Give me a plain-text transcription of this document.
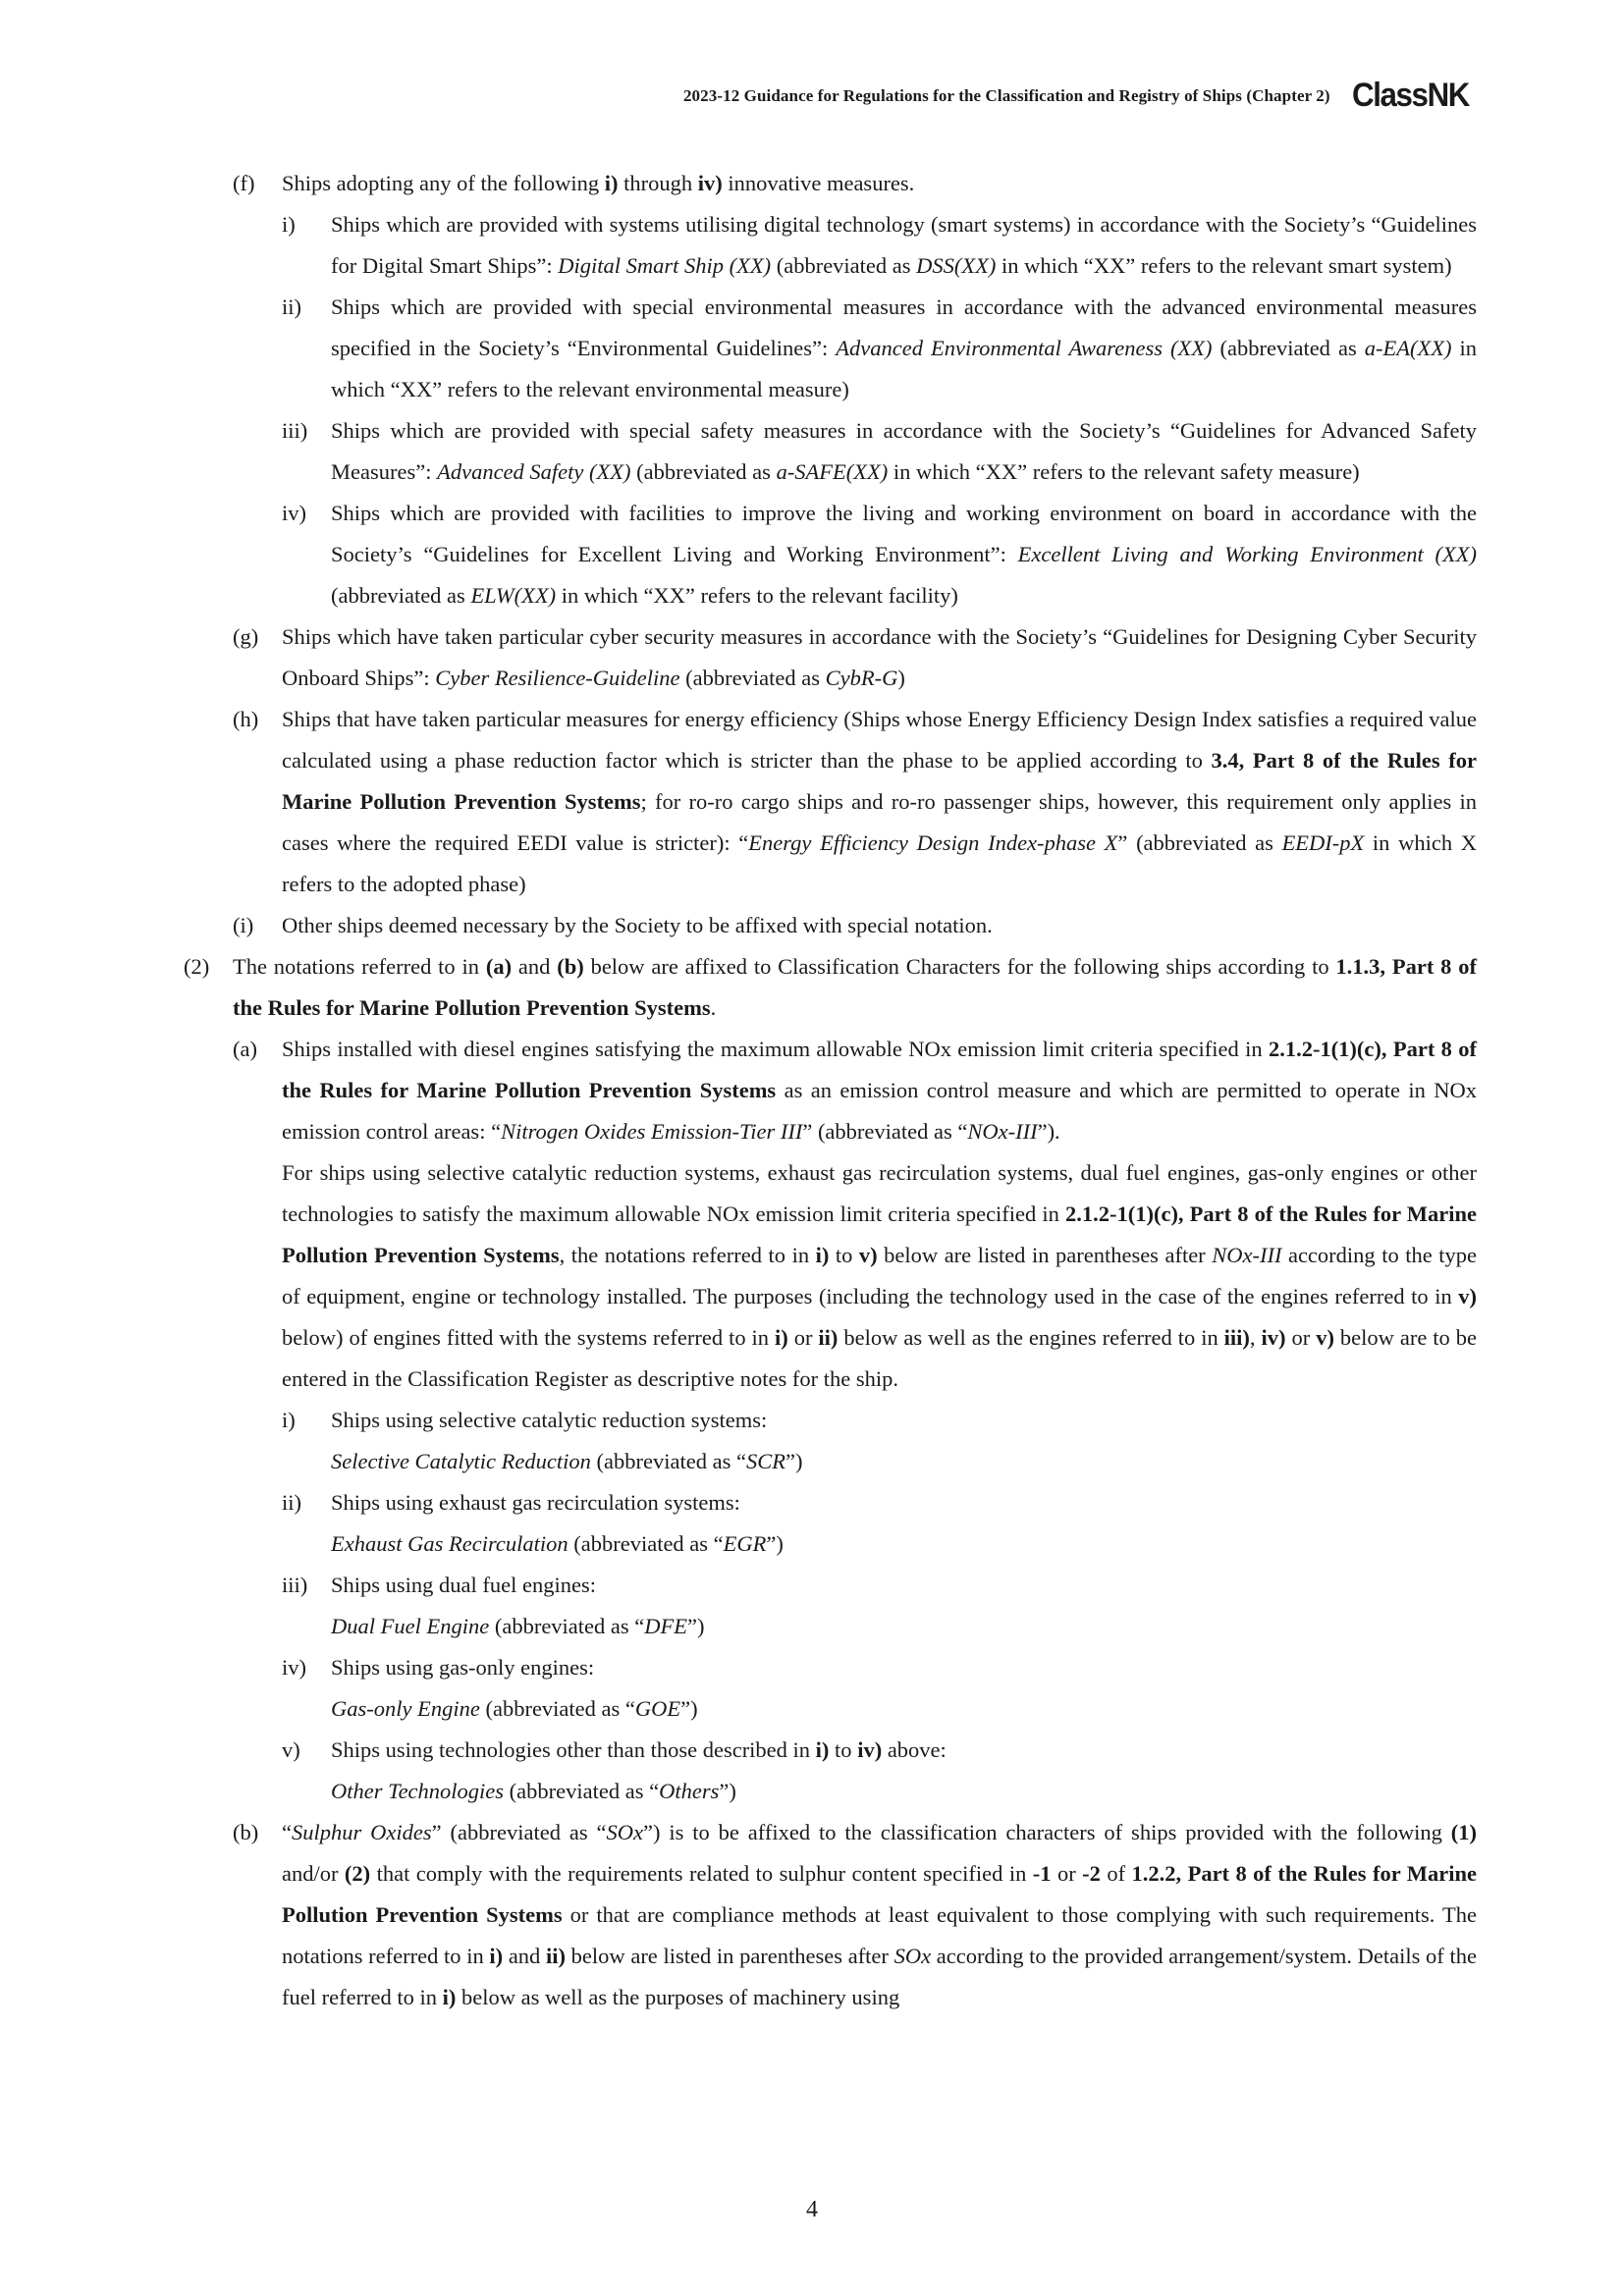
2023-12 Guidance for Regulations for the Classification and Registry of Ships (Chapter 2) ClassNK

(f) Ships adopting any of the following i) through iv) innovative measures.

i) Ships which are provided with systems utilising digital technology (smart systems) in accordance with the Society’s “Guidelines for Digital Smart Ships”: Digital Smart Ship (XX) (abbreviated as DSS(XX) in which “XX” refers to the relevant smart system)

ii) Ships which are provided with special environmental measures in accordance with the advanced environmental measures specified in the Society’s “Environmental Guidelines”: Advanced Environmental Awareness (XX) (abbreviated as a-EA(XX) in which “XX” refers to the relevant environmental measure)

iii) Ships which are provided with special safety measures in accordance with the Society’s “Guidelines for Advanced Safety Measures”: Advanced Safety (XX) (abbreviated as a-SAFE(XX) in which “XX” refers to the relevant safety measure)

iv) Ships which are provided with facilities to improve the living and working environment on board in accordance with the Society’s “Guidelines for Excellent Living and Working Environment”: Excellent Living and Working Environment (XX) (abbreviated as ELW(XX) in which “XX” refers to the relevant facility)

(g) Ships which have taken particular cyber security measures in accordance with the Society’s “Guidelines for Designing Cyber Security Onboard Ships”: Cyber Resilience-Guideline (abbreviated as CybR-G)

(h) Ships that have taken particular measures for energy efficiency (Ships whose Energy Efficiency Design Index satisfies a required value calculated using a phase reduction factor which is stricter than the phase to be applied according to 3.4, Part 8 of the Rules for Marine Pollution Prevention Systems; for ro-ro cargo ships and ro-ro passenger ships, however, this requirement only applies in cases where the required EEDI value is stricter): “Energy Efficiency Design Index-phase X” (abbreviated as EEDI-pX in which X refers to the adopted phase)

(i) Other ships deemed necessary by the Society to be affixed with special notation.

(2) The notations referred to in (a) and (b) below are affixed to Classification Characters for the following ships according to 1.1.3, Part 8 of the Rules for Marine Pollution Prevention Systems.

(a) Ships installed with diesel engines satisfying the maximum allowable NOx emission limit criteria specified in 2.1.2-1(1)(c), Part 8 of the Rules for Marine Pollution Prevention Systems as an emission control measure and which are permitted to operate in NOx emission control areas: “Nitrogen Oxides Emission-Tier III” (abbreviated as “NOx-III”).

For ships using selective catalytic reduction systems, exhaust gas recirculation systems, dual fuel engines, gas-only engines or other technologies to satisfy the maximum allowable NOx emission limit criteria specified in 2.1.2-1(1)(c), Part 8 of the Rules for Marine Pollution Prevention Systems, the notations referred to in i) to v) below are listed in parentheses after NOx-III according to the type of equipment, engine or technology installed. The purposes (including the technology used in the case of the engines referred to in v) below) of engines fitted with the systems referred to in i) or ii) below as well as the engines referred to in iii), iv) or v) below are to be entered in the Classification Register as descriptive notes for the ship.

i) Ships using selective catalytic reduction systems:

Selective Catalytic Reduction (abbreviated as “SCR”)

ii) Ships using exhaust gas recirculation systems:

Exhaust Gas Recirculation (abbreviated as “EGR”)

iii) Ships using dual fuel engines:

Dual Fuel Engine (abbreviated as “DFE”)

iv) Ships using gas-only engines:

Gas-only Engine (abbreviated as “GOE”)

v) Ships using technologies other than those described in i) to iv) above:

Other Technologies (abbreviated as “Others”)

(b) “Sulphur Oxides” (abbreviated as “SOx”) is to be affixed to the classification characters of ships provided with the following (1) and/or (2) that comply with the requirements related to sulphur content specified in -1 or -2 of 1.2.2, Part 8 of the Rules for Marine Pollution Prevention Systems or that are compliance methods at least equivalent to those complying with such requirements. The notations referred to in i) and ii) below are listed in parentheses after SOx according to the provided arrangement/system. Details of the fuel referred to in i) below as well as the purposes of machinery using

4
